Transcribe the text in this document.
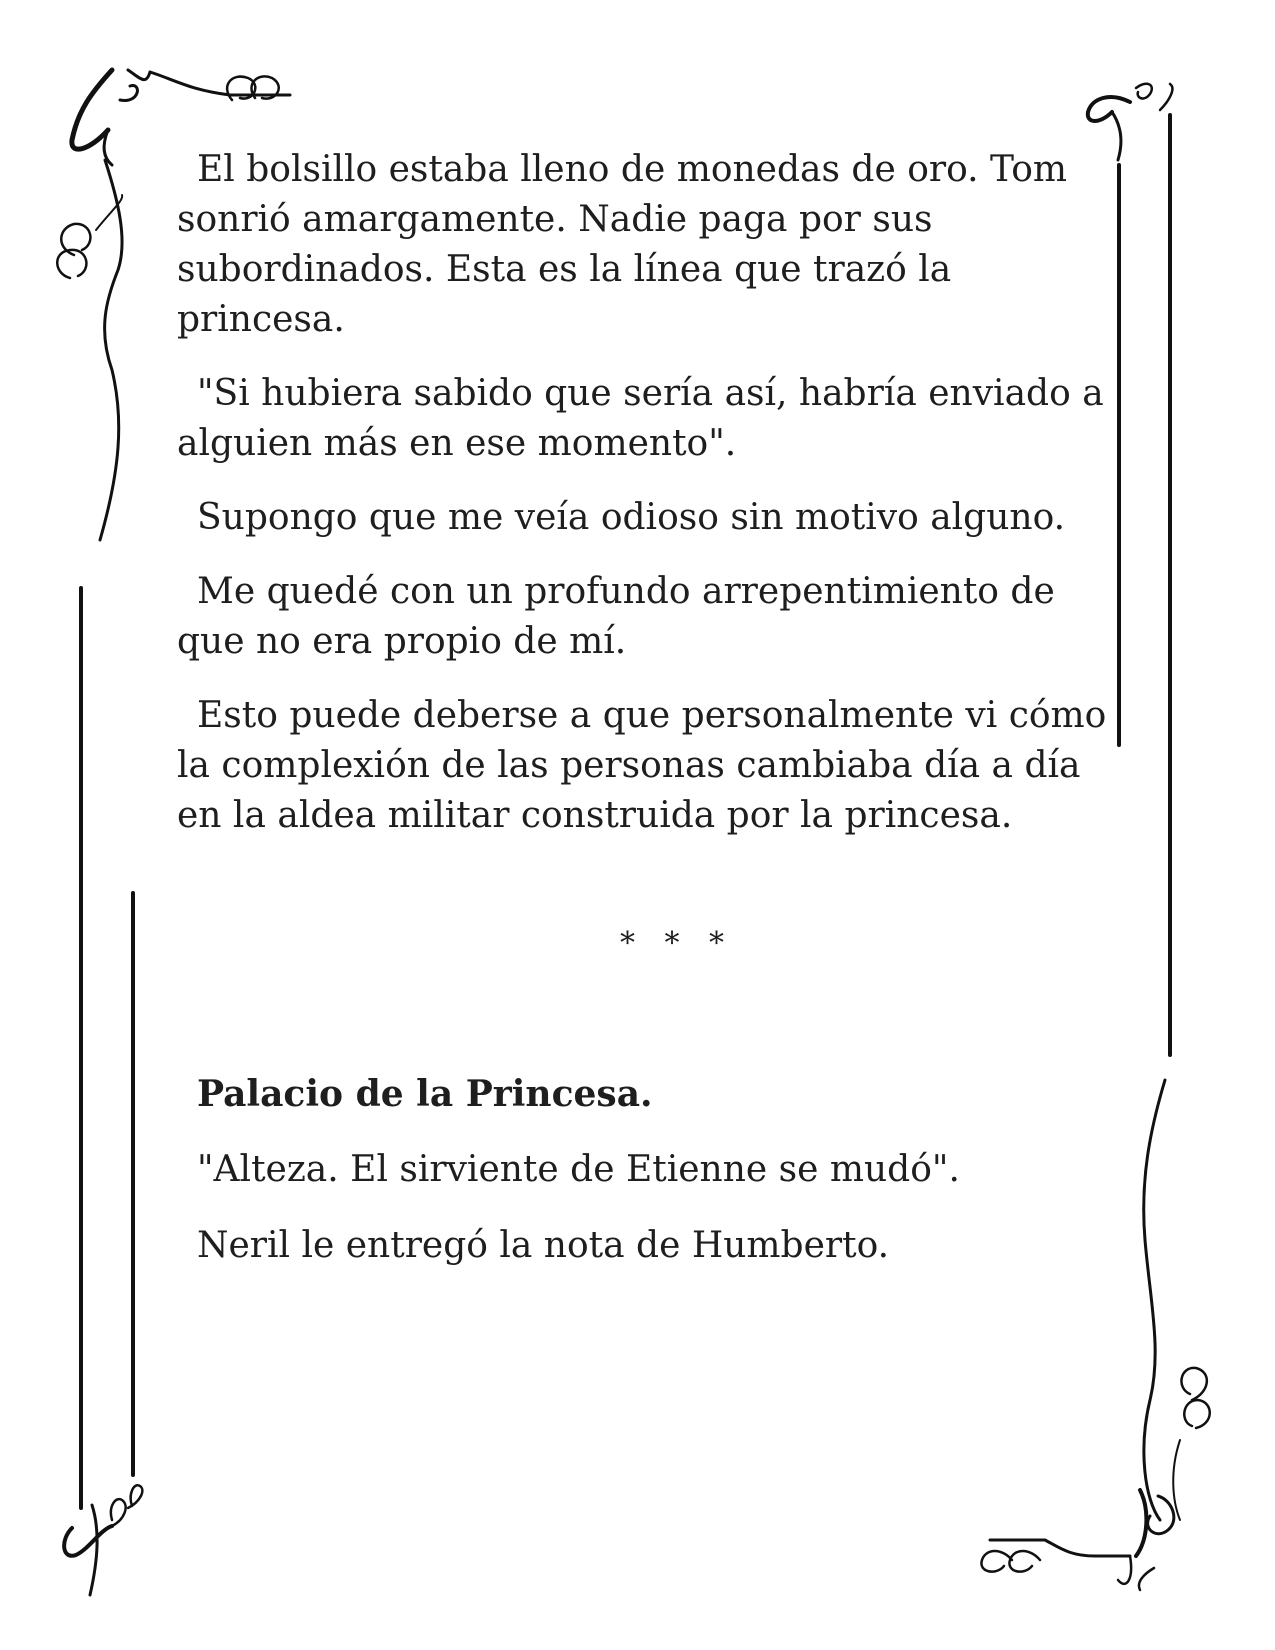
El bolsillo estaba lleno de monedas de oro. Tom sonrió amargamente. Nadie paga por sus subordinados. Esta es la línea que trazó la princesa.

"Si hubiera sabido que sería así, habría enviado a alguien más en ese momento".

Supongo que me veía odioso sin motivo alguno.

Me quedé con un profundo arrepentimiento de que no era propio de mí.

Esto puede deberse a que personalmente vi cómo la complexión de las personas cambiaba día a día en la aldea militar construida por la princesa.

* * *

Palacio de la Princesa.

"Alteza. El sirviente de Etienne se mudó".

Neril le entregó la nota de Humberto.
